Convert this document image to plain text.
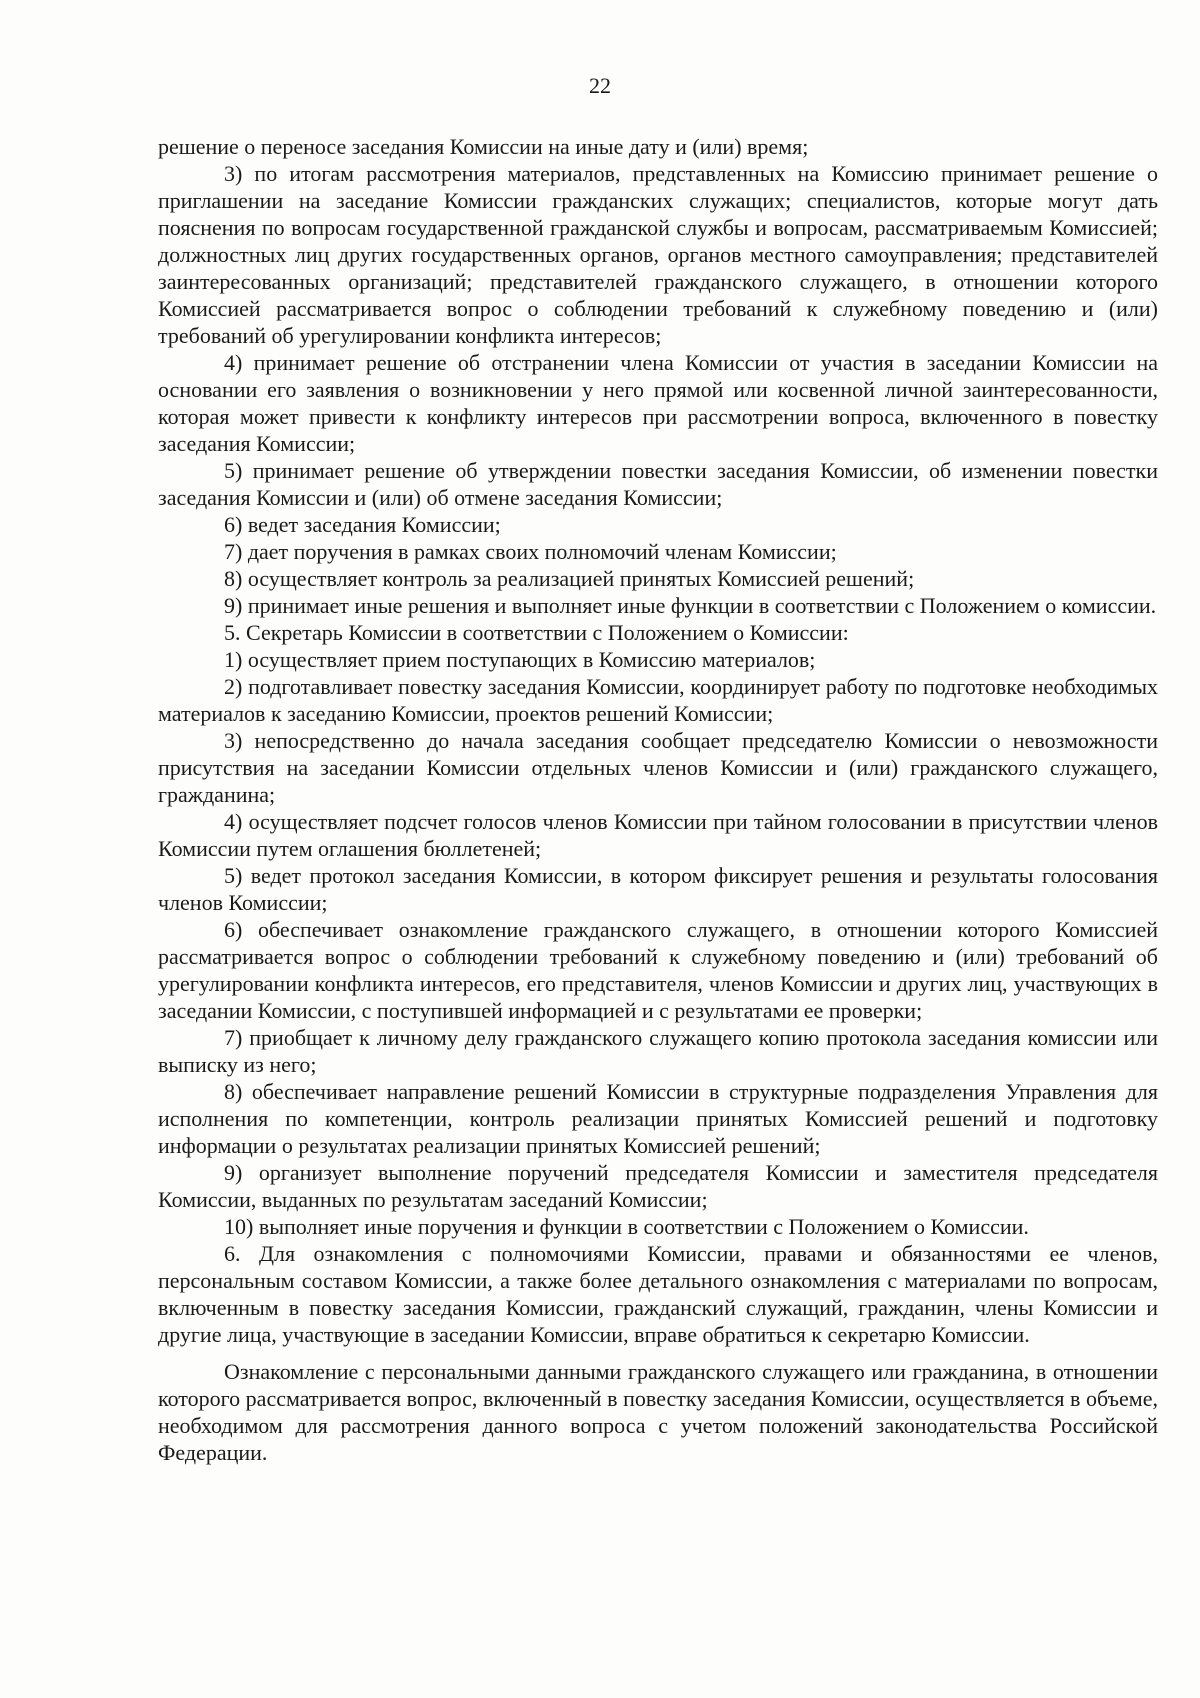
22

решение о переносе заседания Комиссии на иные дату и (или) время;

3) по итогам рассмотрения материалов, представленных на Комиссию принимает решение о приглашении на заседание Комиссии гражданских служащих; специалистов, которые могут дать пояснения по вопросам государственной гражданской службы и вопросам, рассматриваемым Комиссией; должностных лиц других государственных органов, органов местного самоуправления; представителей заинтересованных организаций; представителей гражданского служащего, в отношении которого Комиссией рассматривается вопрос о соблюдении требований к служебному поведению и (или) требований об урегулировании конфликта интересов;

4) принимает решение об отстранении члена Комиссии от участия в заседании Комиссии на основании его заявления о возникновении у него прямой или косвенной личной заинтересованности, которая может привести к конфликту интересов при рассмотрении вопроса, включенного в повестку заседания Комиссии;

5) принимает решение об утверждении повестки заседания Комиссии, об изменении повестки заседания Комиссии и (или) об отмене заседания Комиссии;

6) ведет заседания Комиссии;

7) дает поручения в рамках своих полномочий членам Комиссии;

8) осуществляет контроль за реализацией принятых Комиссией решений;

9) принимает иные решения и выполняет иные функции в соответствии с Положением о комиссии.

5. Секретарь Комиссии в соответствии с Положением о Комиссии:

1) осуществляет прием поступающих в Комиссию материалов;

2) подготавливает повестку заседания Комиссии, координирует работу по подготовке необходимых материалов к заседанию Комиссии, проектов решений Комиссии;

3) непосредственно до начала заседания сообщает председателю Комиссии о невозможности присутствия на заседании Комиссии отдельных членов Комиссии и (или) гражданского служащего, гражданина;

4) осуществляет подсчет голосов членов Комиссии при тайном голосовании в присутствии членов Комиссии путем оглашения бюллетеней;

5) ведет протокол заседания Комиссии, в котором фиксирует решения и результаты голосования членов Комиссии;

6) обеспечивает ознакомление гражданского служащего, в отношении которого Комиссией рассматривается вопрос о соблюдении требований к служебному поведению и (или) требований об урегулировании конфликта интересов, его представителя, членов Комиссии и других лиц, участвующих в заседании Комиссии, с поступившей информацией и с результатами ее проверки;

7) приобщает к личному делу гражданского служащего копию протокола заседания комиссии или выписку из него;

8) обеспечивает направление решений Комиссии в структурные подразделения Управления для исполнения по компетенции, контроль реализации принятых Комиссией решений и подготовку информации о результатах реализации принятых Комиссией решений;

9) организует выполнение поручений председателя Комиссии и заместителя председателя Комиссии, выданных по результатам заседаний Комиссии;

10) выполняет иные поручения и функции в соответствии с Положением о Комиссии.

6. Для ознакомления с полномочиями Комиссии, правами и обязанностями ее членов, персональным составом Комиссии, а также более детального ознакомления с материалами по вопросам, включенным в повестку заседания Комиссии, гражданский служащий, гражданин, члены Комиссии и другие лица, участвующие в заседании Комиссии, вправе обратиться к секретарю Комиссии.

Ознакомление с персональными данными гражданского служащего или гражданина, в отношении которого рассматривается вопрос, включенный в повестку заседания Комиссии, осуществляется в объеме, необходимом для рассмотрения данного вопроса с учетом положений законодательства Российской Федерации.
